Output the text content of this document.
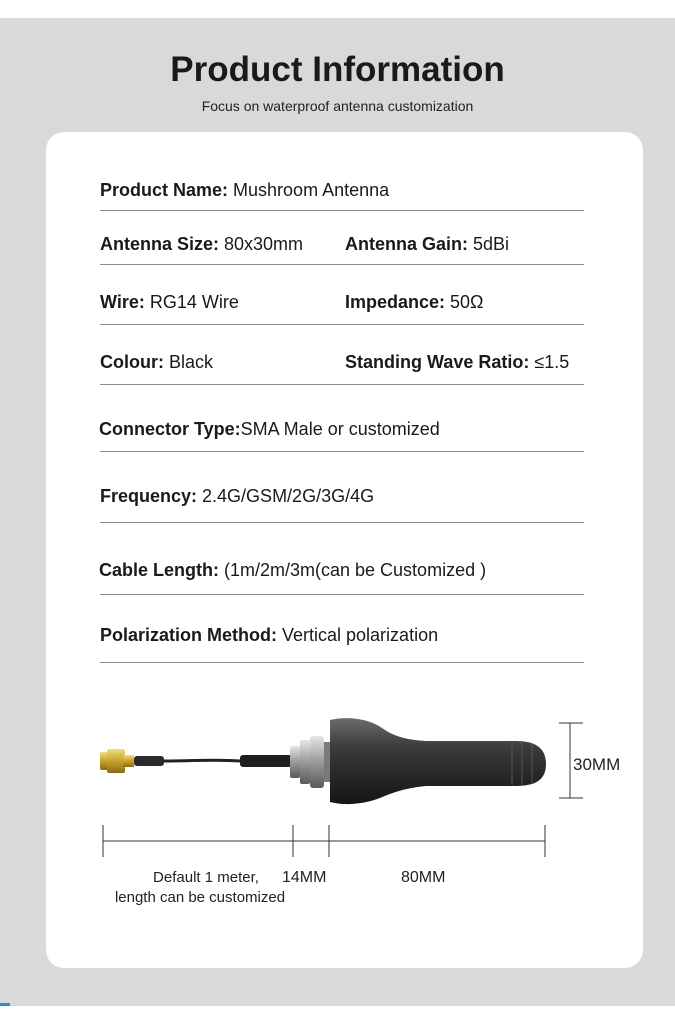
Product Information
Focus on waterproof antenna customization
Product Name: Mushroom Antenna
Antenna Size: 80x30mm Antenna Gain: 5dBi
Wire: RG14 Wire	Impedance: 50Ω
Colour: Black	Standing Wave Ratio: ≤1.5
Connector Type:SMA Male or customized
Frequency: 2.4G/GSM/2G/3G/4G
Cable Length: (1m/2m/3m(can be Customized )
Polarization Method: Vertical polarization
30MM
Default 1 meter,
length can be customized
14MM	80MM
